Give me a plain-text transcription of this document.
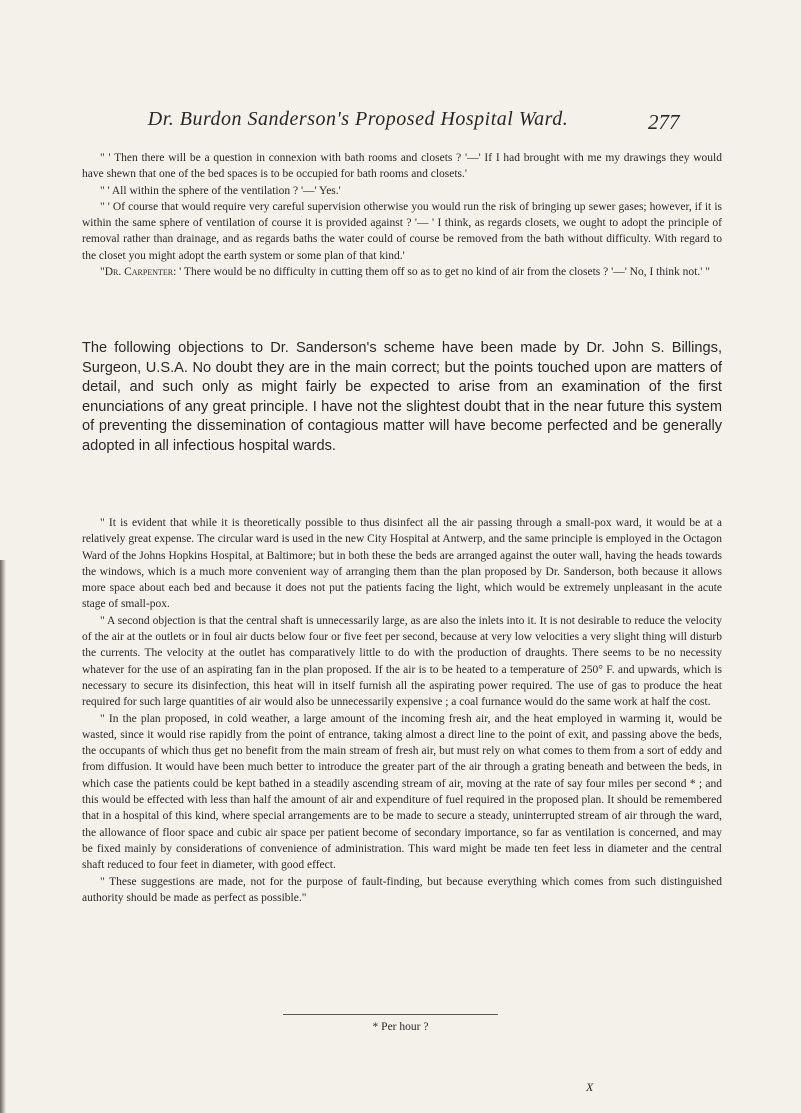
Dr. Burdon Sanderson's Proposed Hospital Ward.	277

" ' Then there will be a question in connexion with bath rooms and closets ? '—' If I had brought with me my drawings they would have shewn that one of the bed spaces is to be occupied for bath rooms and closets.'

" ' All within the sphere of the ventilation ? '—' Yes.'

" ' Of course that would require very careful supervision otherwise you would run the risk of bringing up sewer gases; however, if it is within the same sphere of ventilation of course it is provided against ? '— ' I think, as regards closets, we ought to adopt the principle of removal rather than drainage, and as regards baths the water could of course be removed from the bath without difficulty. With regard to the closet you might adopt the earth system or some plan of that kind.'

"Dr. Carpenter: ' There would be no difficulty in cutting them off so as to get no kind of air from the closets ? '—' No, I think not.' "

The following objections to Dr. Sanderson's scheme have been made by Dr. John S. Billings, Surgeon, U.S.A. No doubt they are in the main correct; but the points touched upon are matters of detail, and such only as might fairly be expected to arise from an examination of the first enunciations of any great principle. I have not the slightest doubt that in the near future this system of preventing the dissemination of contagious matter will have become perfected and be generally adopted in all infectious hospital wards.

" It is evident that while it is theoretically possible to thus disinfect all the air passing through a small-pox ward, it would be at a relatively great expense. The circular ward is used in the new City Hospital at Antwerp, and the same principle is employed in the Octagon Ward of the Johns Hopkins Hospital, at Baltimore; but in both these the beds are arranged against the outer wall, having the heads towards the windows, which is a much more convenient way of arranging them than the plan proposed by Dr. Sanderson, both because it allows more space about each bed and because it does not put the patients facing the light, which would be extremely unpleasant in the acute stage of small-pox.

" A second objection is that the central shaft is unnecessarily large, as are also the inlets into it. It is not desirable to reduce the velocity of the air at the outlets or in foul air ducts below four or five feet per second, because at very low velocities a very slight thing will disturb the currents. The velocity at the outlet has comparatively little to do with the production of draughts. There seems to be no necessity whatever for the use of an aspirating fan in the plan proposed. If the air is to be heated to a temperature of 250° F. and upwards, which is necessary to secure its disinfection, this heat will in itself furnish all the aspirating power required. The use of gas to produce the heat required for such large quantities of air would also be unnecessarily expensive ; a coal furnance would do the same work at half the cost.

" In the plan proposed, in cold weather, a large amount of the incoming fresh air, and the heat employed in warming it, would be wasted, since it would rise rapidly from the point of entrance, taking almost a direct line to the point of exit, and passing above the beds, the occupants of which thus get no benefit from the main stream of fresh air, but must rely on what comes to them from a sort of eddy and from diffusion. It would have been much better to introduce the greater part of the air through a grating beneath and between the beds, in which case the patients could be kept bathed in a steadily ascending stream of air, moving at the rate of say four miles per second * ; and this would be effected with less than half the amount of air and expenditure of fuel required in the proposed plan. It should be remembered that in a hospital of this kind, where special arrangements are to be made to secure a steady, uninterrupted stream of air through the ward, the allowance of floor space and cubic air space per patient become of secondary importance, so far as ventilation is concerned, and may be fixed mainly by considerations of convenience of administration. This ward might be made ten feet less in diameter and the central shaft reduced to four feet in diameter, with good effect.

" These suggestions are made, not for the purpose of fault-finding, but because everything which comes from such distinguished authority should be made as perfect as possible."

* Per hour ?
X
